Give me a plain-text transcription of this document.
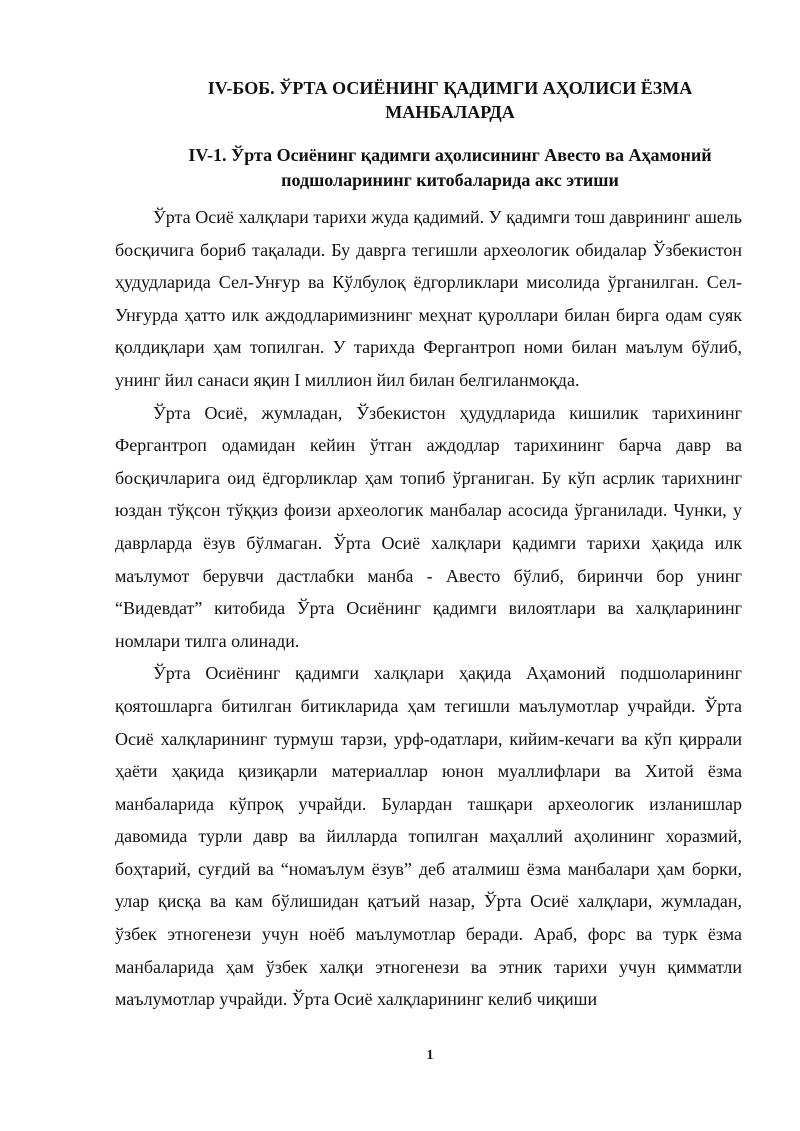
IV-БОБ. ЎРТА ОСИЁНИНГ ҚАДИМГИ АҲОЛИСИ ЁЗМА МАНБАЛАРДА
IV-1. Ўрта Осиёнинг қадимги аҳолисининг Авесто ва Аҳамоний подшоларининг китобаларида акс этиши

Ўрта Осиё халқлари тарихи жуда қадимий. У қадимги тош даврининг ашель босқичига бориб тақалади. Бу даврга тегишли археологик обидалар Ўзбекистон ҳудудларида Сел-Унғур ва Кўлбулоқ ёдгорликлари мисолида ўрганилган. Сел-Унғурда ҳатто илк аждодларимизнинг меҳнат қуроллари билан бирга одам суяк қолдиқлари ҳам топилган. У тарихда Фергантроп номи билан маълум бўлиб, унинг йил санаси яқин I миллион йил билан белгиланмоқда.

Ўрта Осиё, жумладан, Ўзбекистон ҳудудларида кишилик тарихининг Фергантроп одамидан кейин ўтган аждодлар тарихининг барча давр ва босқичларига оид ёдгорликлар ҳам топиб ўрганиган. Бу кўп асрлик тарихнинг юздан тўқсон тўққиз фоизи археологик манбалар асосида ўрганилади. Чунки, у даврларда ёзув бўлмаган. Ўрта Осиё халқлари қадимги тарихи ҳақида илк маълумот берувчи дастлабки манба - Авесто бўлиб, биринчи бор унинг “Видевдат” китобида Ўрта Осиёнинг қадимги вилоятлари ва халқларининг номлари тилга олинади.

Ўрта Осиёнинг қадимги халқлари ҳақида Аҳамоний подшоларининг қоятошларга битилган битикларида ҳам тегишли маълумотлар учрайди. Ўрта Осиё халқларининг турмуш тарзи, урф-одатлари, кийим-кечаги ва кўп қиррали ҳаёти ҳақида қизиқарли материаллар юнон муаллифлари ва Хитой ёзма манбаларида кўпроқ учрайди. Булардан ташқари археологик изланишлар давомида турли давр ва йилларда топилган маҳаллий аҳолининг хоразмий, боҳтарий, суғдий ва “номаълум ёзув” деб аталмиш ёзма манбалари ҳам борки, улар қисқа ва кам бўлишидан қатъий назар, Ўрта Осиё халқлари, жумладан, ўзбек этногенези учун ноёб маълумотлар беради. Араб, форс ва турк ёзма манбаларида ҳам ўзбек халқи этногенези ва этник тарихи учун қимматли маълумотлар учрайди. Ўрта Осиё халқларининг келиб чиқиши

1
